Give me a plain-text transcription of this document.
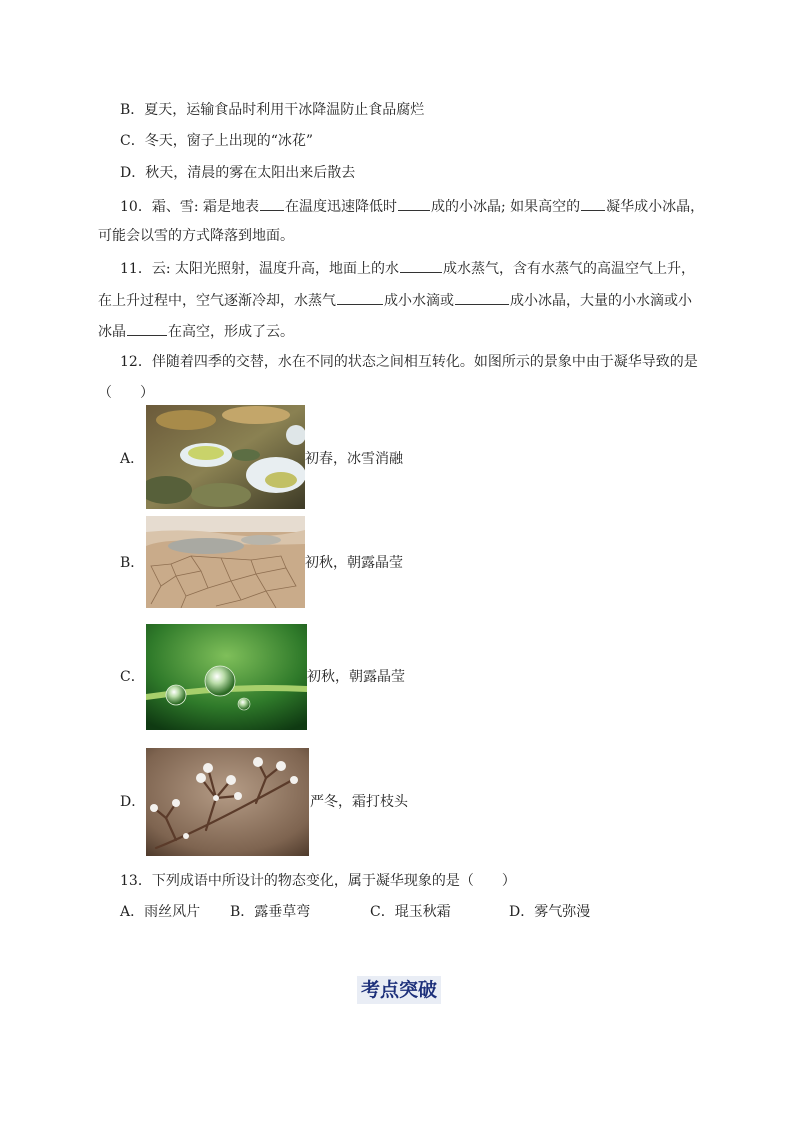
B．夏天，运输食品时利用干冰降温防止食品腐烂
C．冬天，窗子上出现的“冰花”
D．秋天，清晨的雾在太阳出来后散去
10．霜、雪: 霜是地表 在温度迅速降低时 成的小冰晶; 如果高空的 凝华成小冰晶，
可能会以雪的方式降落到地面。
11．云: 太阳光照射，温度升高，地面上的水	成水蒸气，含有水蒸气的高温空气上升，
在上升过程中，空气逐渐冷却，水蒸气	成小水滴或	成小冰晶，大量的小水滴或小
冰晶	在高空，形成了云。
12．伴随着四季的交替，水在不同的状态之间相互转化。如图所示的景象中由于凝华导致的是
（　　）
A．	初春，冰雪消融
B．	初秋，朝露晶莹
C．	初秋，朝露晶莹
D．	严冬，霜打枝头
13．下列成语中所设计的物态变化，属于凝华现象的是（　　）
A．雨丝风片 B．露垂草弯	C．琨玉秋霜	D．雾气弥漫
考点突破
